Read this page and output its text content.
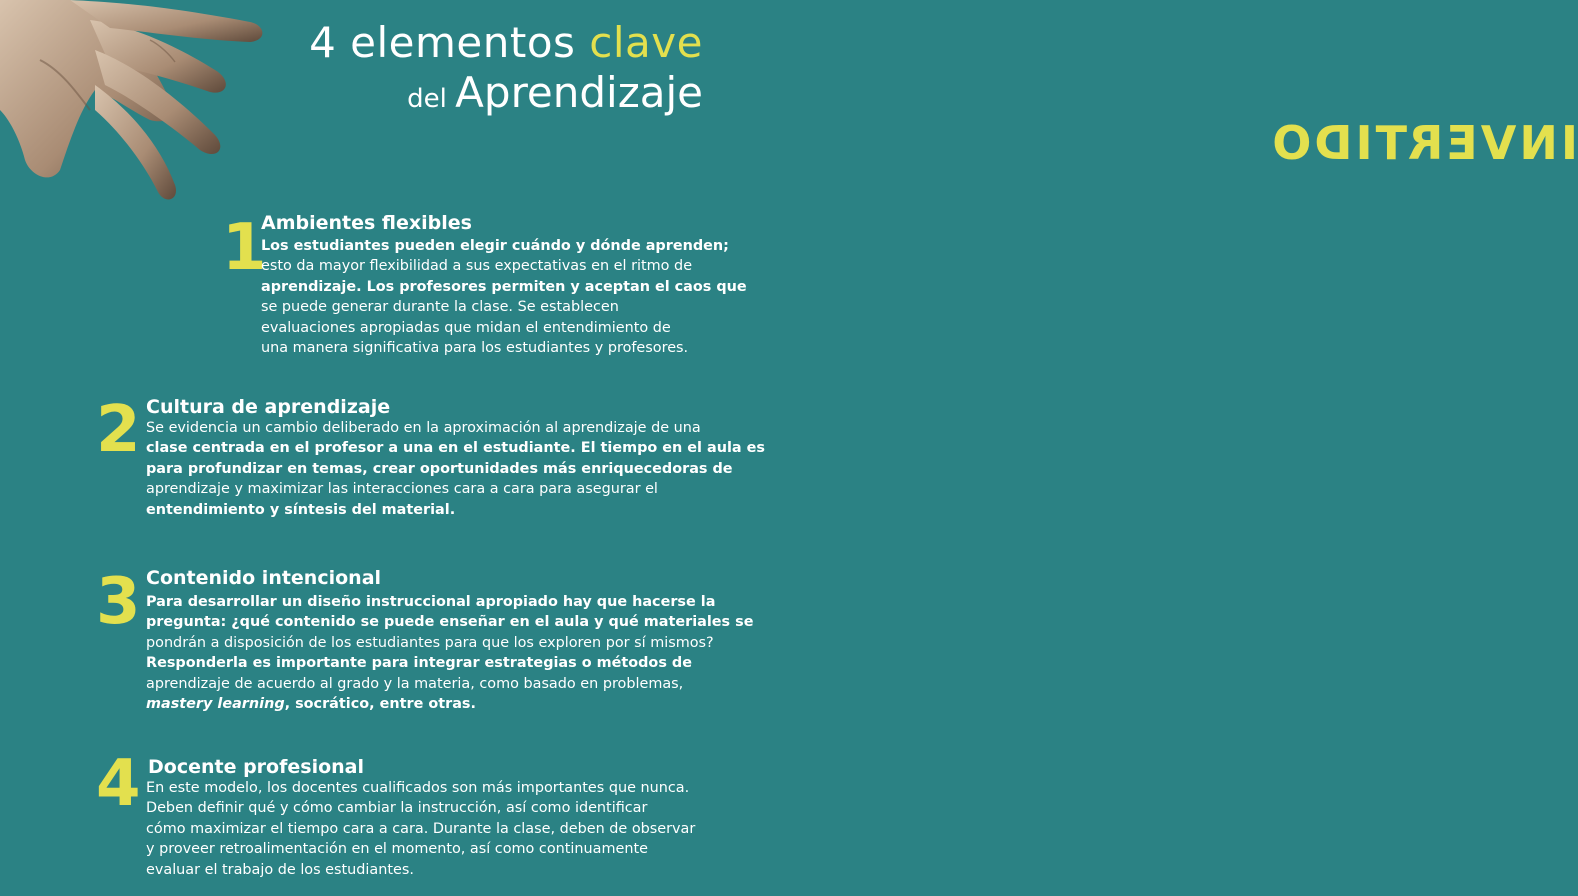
4 elementos clave
del Aprendizaje
INVERTIDO
1
Ambientes flexibles
Los estudiantes pueden elegir cuándo y dónde aprenden;
esto da mayor flexibilidad a sus expectativas en el ritmo de
aprendizaje. Los profesores permiten y aceptan el caos que
se puede generar durante la clase. Se establecen
evaluaciones apropiadas que midan el entendimiento de
una manera significativa para los estudiantes y profesores.
2 Cultura de aprendizaje
Se evidencia un cambio deliberado en la aproximación al aprendizaje de una
clase centrada en el profesor a una en el estudiante. El tiempo en el aula es
para profundizar en temas, crear oportunidades más enriquecedoras de
aprendizaje y maximizar las interacciones cara a cara para asegurar el
entendimiento y síntesis del material.
3 Contenido intencional
Para desarrollar un diseño instruccional apropiado hay que hacerse la
pregunta: ¿qué contenido se puede enseñar en el aula y qué materiales se
pondrán a disposición de los estudiantes para que los exploren por sí mismos?
Responderla es importante para integrar estrategias o métodos de
aprendizaje de acuerdo al grado y la materia, como basado en problemas,
mastery learning, socrático, entre otras.
4 Docente profesional
En este modelo, los docentes cualificados son más importantes que nunca.
Deben definir qué y cómo cambiar la instrucción, así como identificar
cómo maximizar el tiempo cara a cara. Durante la clase, deben de observar
y proveer retroalimentación en el momento, así como continuamente
evaluar el trabajo de los estudiantes.
